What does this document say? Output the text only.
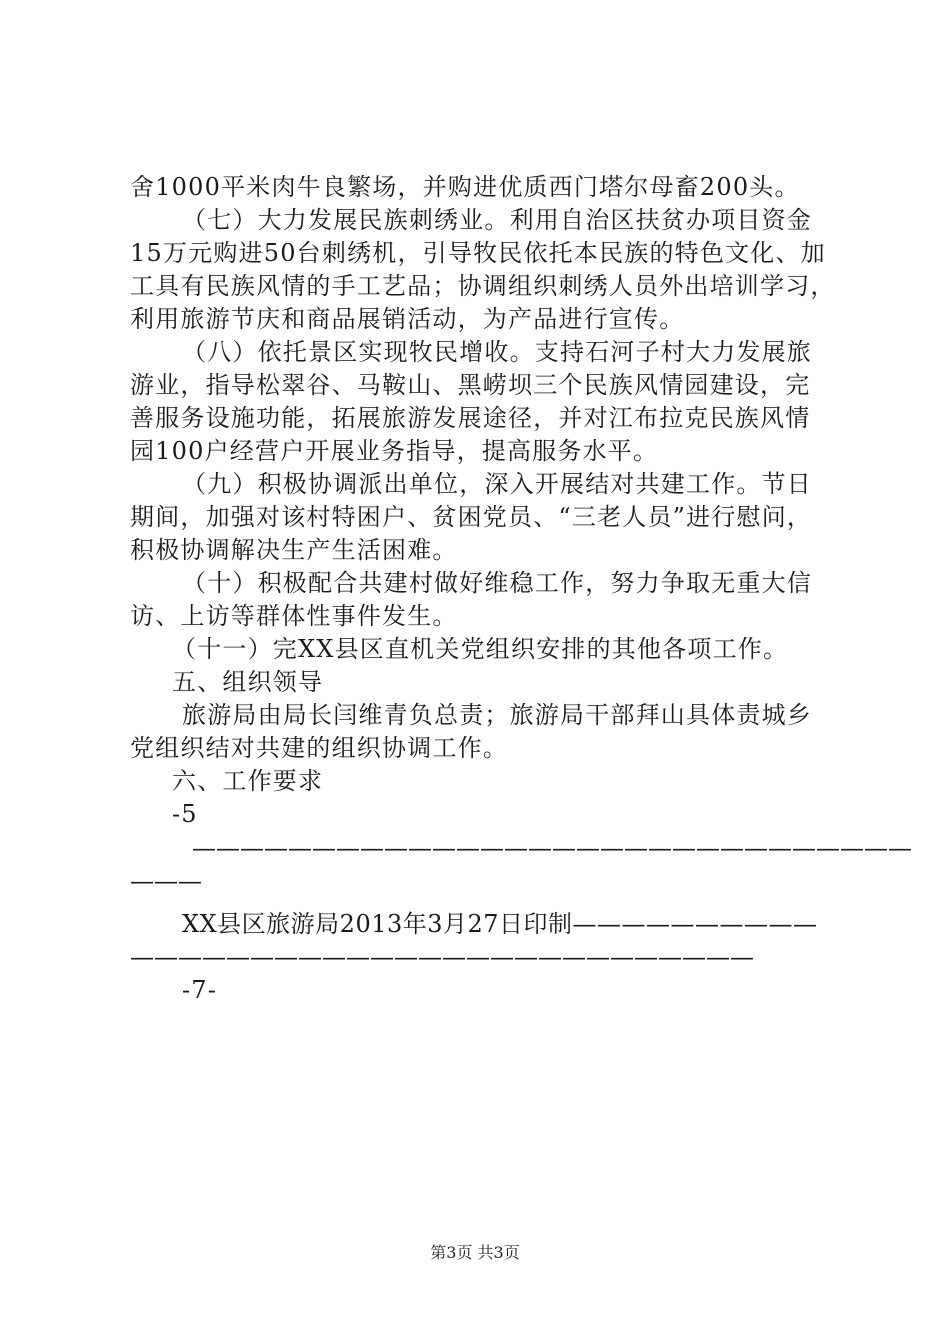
舍1000平米肉牛良繁场，并购进优质西门塔尔母畜200头。
（七）大力发展民族刺绣业。利用自治区扶贫办项目资金
15万元购进50台刺绣机，引导牧民依托本民族的特色文化、加
工具有民族风情的手工艺品；协调组织刺绣人员外出培训学习，
利用旅游节庆和商品展销活动，为产品进行宣传。
（八）依托景区实现牧民增收。支持石河子村大力发展旅
游业，指导松翠谷、马鞍山、黑崂坝三个民族风情园建设，完
善服务设施功能，拓展旅游发展途径，并对江布拉克民族风情
园100户经营户开展业务指导，提高服务水平。
（九）积极协调派出单位，深入开展结对共建工作。节日
期间，加强对该村特困户、贫困党员、“三老人员”进行慰问，
积极协调解决生产生活困难。
（十）积极配合共建村做好维稳工作，努力争取无重大信
访、上访等群体性事件发生。
（十一）完XX县区直机关党组织安排的其他各项工作。
五、组织领导
旅游局由局长闫维青负总责；旅游局干部拜山具体责城乡
党组织结对共建的组织协调工作。
六、工作要求
-5
——————————————————————————————
———
XX县区旅游局2013年3月27日印制——————————
——————————————————————————
-7-
第3页 共3页
